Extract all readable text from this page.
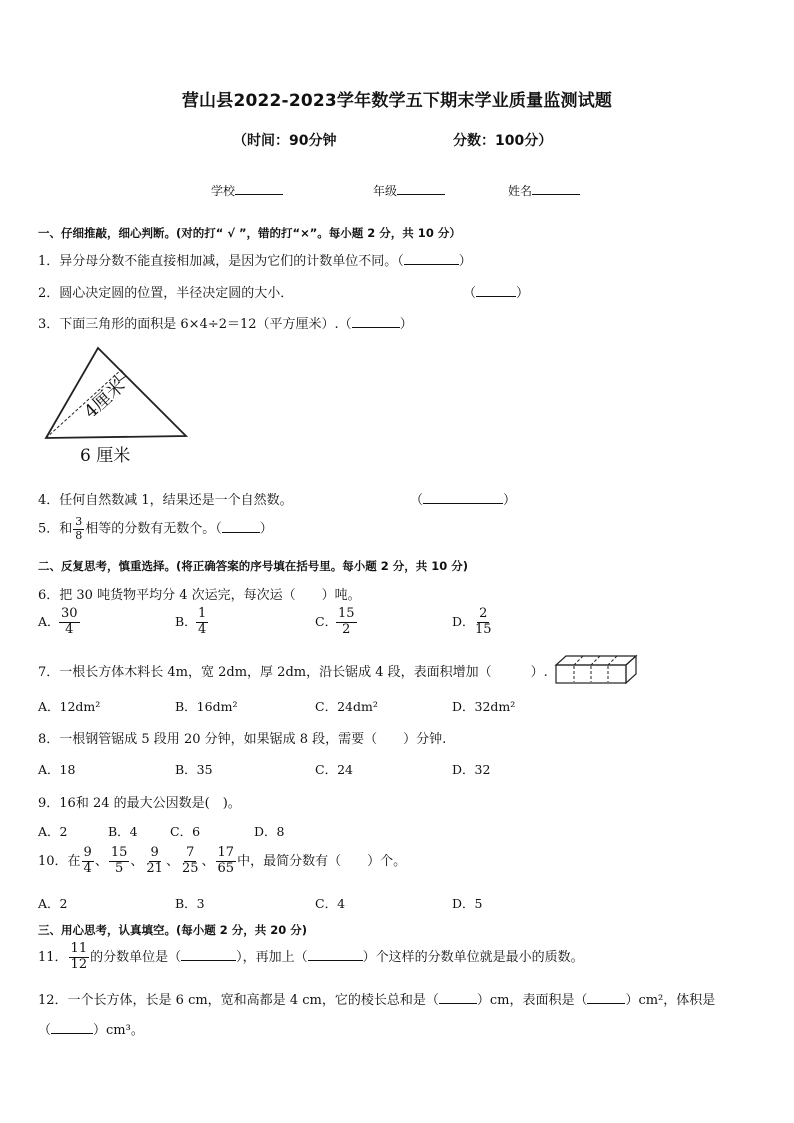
营山县2022-2023学年数学五下期末学业质量监测试题
（时间：90分钟	分数：100分）
学校	年级	姓名
一、仔细推敲，细心判断。(对的打“ √ ”，错的打“×”。每小题 2 分，共 10 分）
1．异分母分数不能直接相加减，是因为它们的计数单位不同。（	）
2．圆心决定圆的位置，半径决定圆的大小．	（	）
3．下面三角形的面积是 6×4÷2＝12（平方厘米）.（	）
4厘米
6 厘米
4．任何自然数减 1，结果还是一个自然数。	（	）
5．和 $\frac{3}{8}$ 相等的分数有无数个。（	）
二、反复思考，慎重选择。(将正确答案的序号填在括号里。每小题 2 分，共 10 分)
6．把 30 吨货物平均分 4 次运完，每次运（　　）吨。
A． $\frac{30}{4}$	B． $\frac{1}{4}$	C．
$\frac{15}{2}$	D．
$\frac{2}{15}$
7．一根长方体木料长 4m，宽 2dm，厚 2dm，沿长锯成 4 段，表面积增加（　　　）.
A．12dm²	B．16dm²	C．24dm²	D．32dm²
8．一根钢管锯成 5 段用 20 分钟，如果锯成 8 段，需要（　　）分钟.
A．18	B．35	C．24	D．32
9．16和 24 的最大公因数是(　)。
A．2	B．4	C．6	D．8
10．在 $\frac{9}{4}$ 、 $\frac{15}{5}$ 、 $\frac{9}{21}$ 、 $\frac{7}{25}$ 、 $\frac{17}{65}$ 中，最简分数有（　　）个。
A．2	B．3	C．4	D．5
三、用心思考，认真填空。(每小题 2 分，共 20 分)
11． $\frac{11}{12}$ 的分数单位是（	），再加上（	）个这样的分数单位就是最小的质数。
12．一个长方体，长是 6 cm，宽和高都是 4 cm，它的棱长总和是（	）cm，表面积是（	）cm²，体积是
（	）cm³。
